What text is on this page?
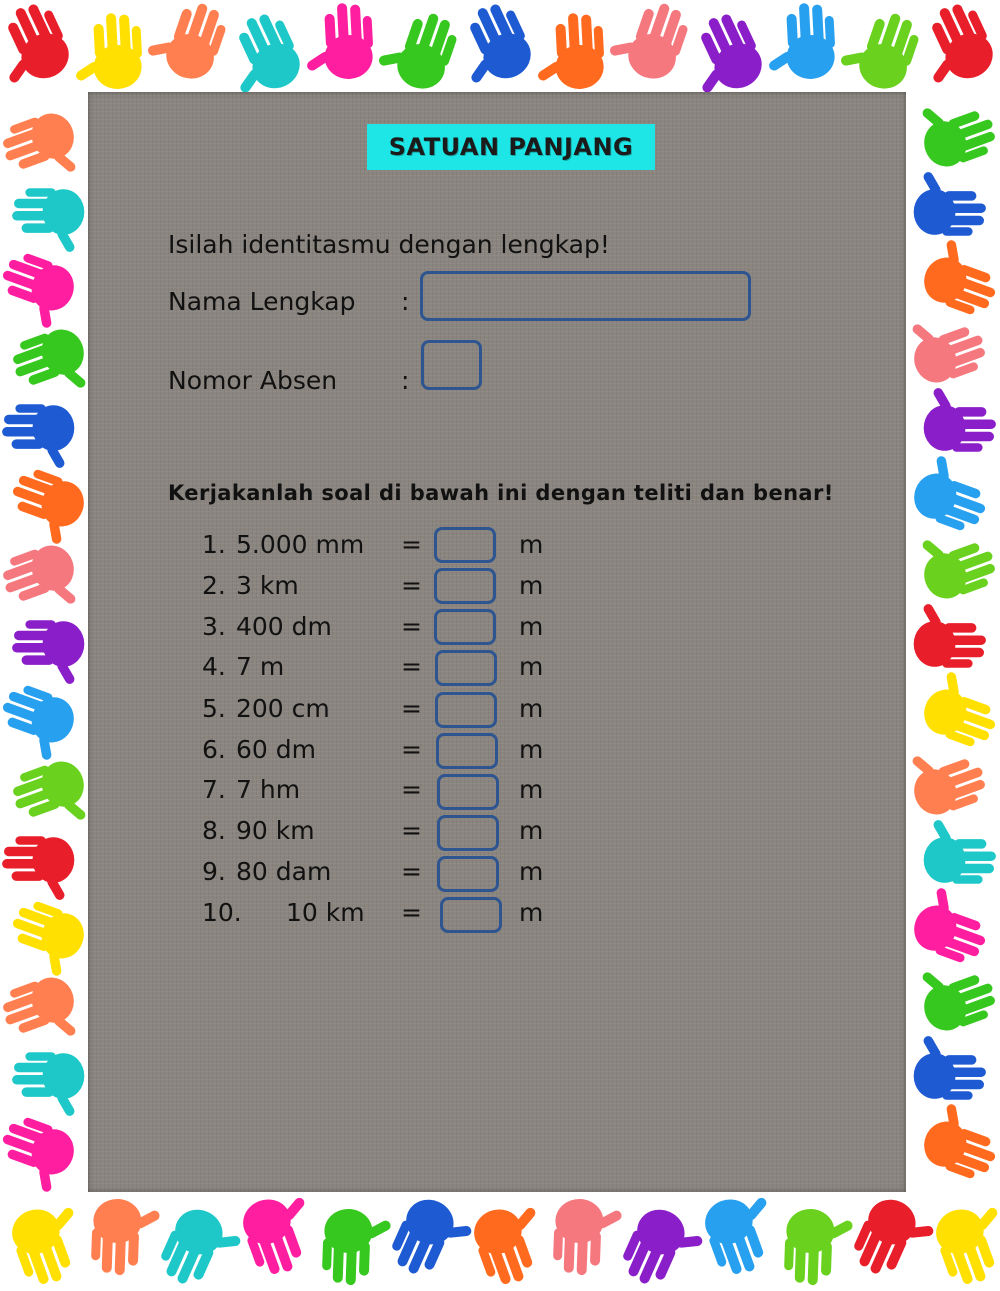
SATUAN PANJANG
Isilah identitasmu dengan lengkap!
Nama Lengkap :
Nomor Absen	:
Kerjakanlah soal di bawah ini dengan teliti dan benar!
1. 5.000 mm =	m
2. 3 km	=	m
3. 400 dm	=	m
4. 7 m	=	m
5. 200 cm	=	m
6. 60 dm	=	m
7. 7 hm	=	m
8. 90 km	=	m
9. 80 dam	=	m
10. 10 km =	m
